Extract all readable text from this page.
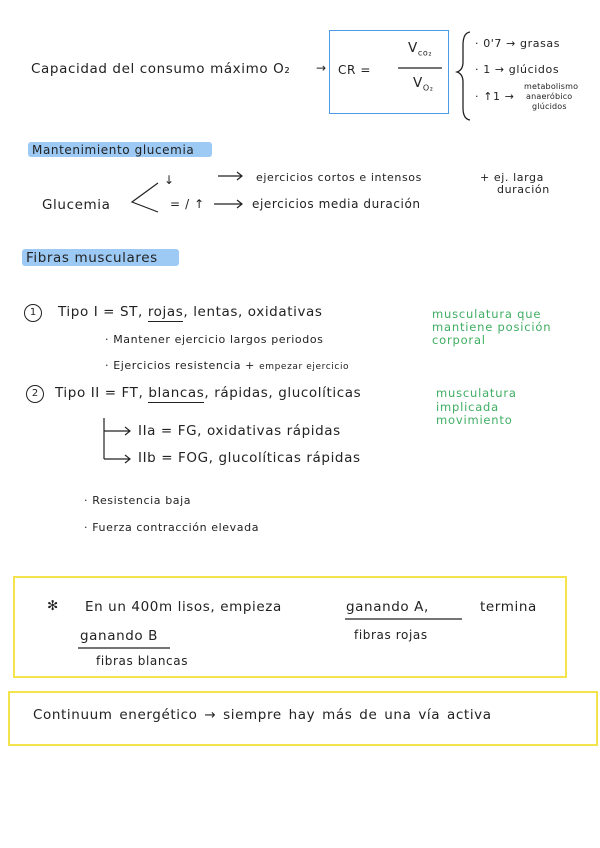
Capacidad del consumo máximo O₂ → CR =
$V_{co_2}$
$V_{O_2}$
· 0'7 → grasas
· 1 → glúcidos
· ↑1 →
metabolismo
anaeróbico
glúcidos
Mantenimiento glucemia
Glucemia
↓
= / ↑
ejercicios cortos e intensos	+ ej. larga
duración
ejercicios media duración
Fibras musculares
1	Tipo I = ST, rojas, lentas, oxidativas
· Mantener ejercicio largos periodos
· Ejercicios resistencia + empezar ejercicio
musculatura que
mantiene posición
corporal
2	Tipo II = FT, blancas, rápidas, glucolíticas	musculatura
implicada
movimiento
IIa = FG, oxidativas rápidas
IIb = FOG, glucolíticas rápidas
· Resistencia baja
· Fuerza contracción elevada
✻ En un 400m lisos, empieza	ganando A,	termina
ganando B	fibras rojas
fibras blancas
Continuum energético → siempre hay más de una vía activa
